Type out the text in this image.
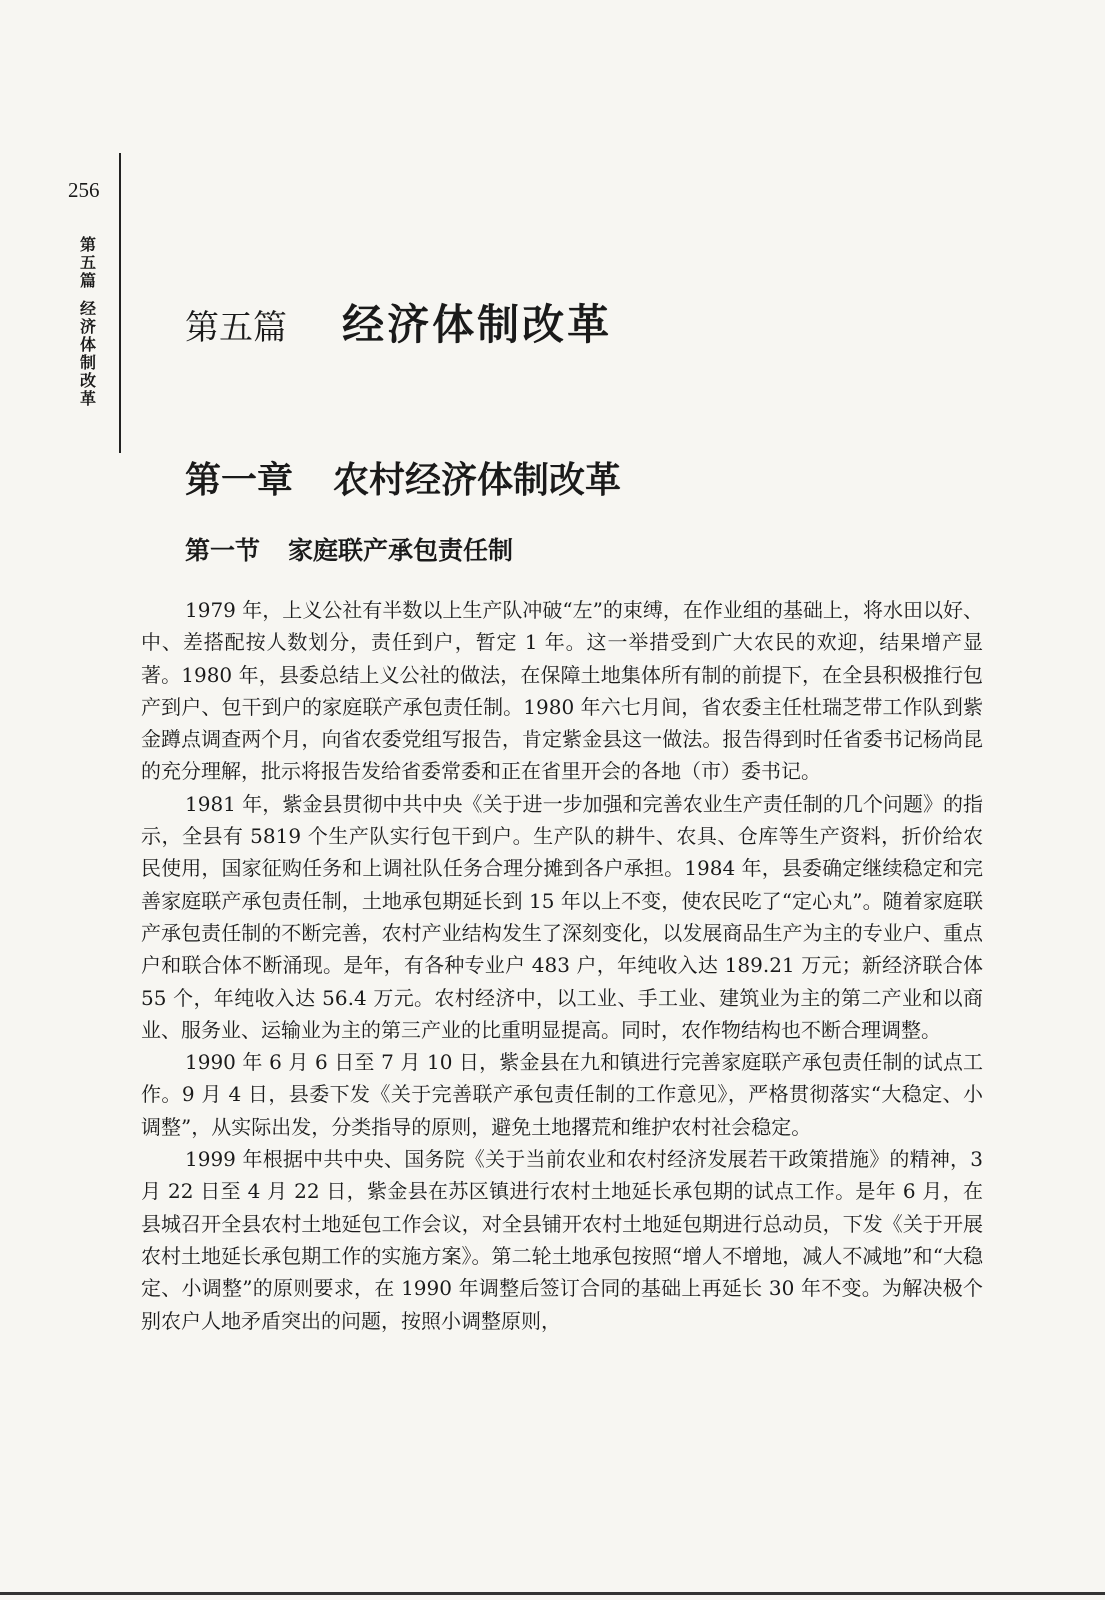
256
第五篇
经济体制改革
第五篇 经济体制改革
第一章 农村经济体制改革
第一节 家庭联产承包责任制

1979 年，上义公社有半数以上生产队冲破“左”的束缚，在作业组的基础上，将水田以好、中、差搭配按人数划分，责任到户，暂定 1 年。这一举措受到广大农民的欢迎，结果增产显著。1980 年，县委总结上义公社的做法，在保障土地集体所有制的前提下，在全县积极推行包产到户、包干到户的家庭联产承包责任制。1980 年六七月间，省农委主任杜瑞芝带工作队到紫金蹲点调查两个月，向省农委党组写报告，肯定紫金县这一做法。报告得到时任省委书记杨尚昆的充分理解，批示将报告发给省委常委和正在省里开会的各地（市）委书记。

1981 年，紫金县贯彻中共中央《关于进一步加强和完善农业生产责任制的几个问题》的指示，全县有 5819 个生产队实行包干到户。生产队的耕牛、农具、仓库等生产资料，折价给农民使用，国家征购任务和上调社队任务合理分摊到各户承担。1984 年，县委确定继续稳定和完善家庭联产承包责任制，土地承包期延长到 15 年以上不变，使农民吃了“定心丸”。随着家庭联产承包责任制的不断完善，农村产业结构发生了深刻变化，以发展商品生产为主的专业户、重点户和联合体不断涌现。是年，有各种专业户 483 户，年纯收入达 189.21 万元；新经济联合体 55 个，年纯收入达 56.4 万元。农村经济中，以工业、手工业、建筑业为主的第二产业和以商业、服务业、运输业为主的第三产业的比重明显提高。同时，农作物结构也不断合理调整。

1990 年 6 月 6 日至 7 月 10 日，紫金县在九和镇进行完善家庭联产承包责任制的试点工作。9 月 4 日，县委下发《关于完善联产承包责任制的工作意见》，严格贯彻落实“大稳定、小调整”，从实际出发，分类指导的原则，避免土地撂荒和维护农村社会稳定。

1999 年根据中共中央、国务院《关于当前农业和农村经济发展若干政策措施》的精神，3 月 22 日至 4 月 22 日，紫金县在苏区镇进行农村土地延长承包期的试点工作。是年 6 月，在县城召开全县农村土地延包工作会议，对全县铺开农村土地延包期进行总动员，下发《关于开展农村土地延长承包期工作的实施方案》。第二轮土地承包按照“增人不增地，减人不减地”和“大稳定、小调整”的原则要求，在 1990 年调整后签订合同的基础上再延长 30 年不变。为解决极个别农户人地矛盾突出的问题，按照小调整原则，
